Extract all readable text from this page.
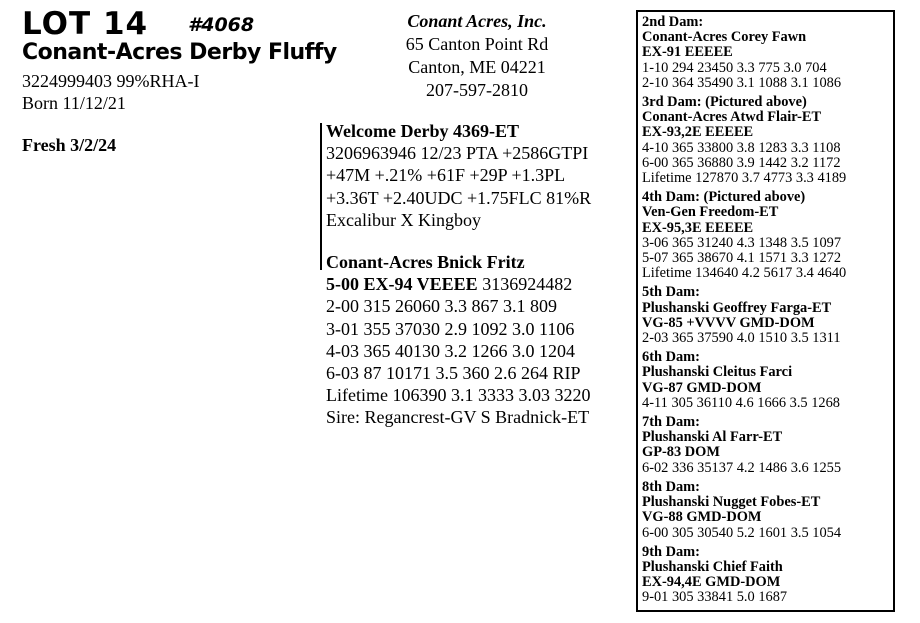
LOT 14 #4068
Conant-Acres Derby Fluffy
3224999403 99%RHA-I
Born 11/12/21
Fresh 3/2/24
Conant Acres, Inc.
65 Canton Point Rd
Canton, ME 04221
207-597-2810
Welcome Derby 4369-ET
3206963946 12/23 PTA +2586GTPI
+47M +.21% +61F +29P +1.3PL
+3.36T +2.40UDC +1.75FLC 81%R
Excalibur X Kingboy
Conant-Acres Bnick Fritz
5-00 EX-94 VEEEE 3136924482
2-00 315 26060 3.3 867 3.1 809
3-01 355 37030 2.9 1092 3.0 1106
4-03 365 40130 3.2 1266 3.0 1204
6-03 87 10171 3.5 360 2.6 264 RIP
Lifetime 106390 3.1 3333 3.03 3220
Sire: Regancrest-GV S Bradnick-ET
2nd Dam:
Conant-Acres Corey Fawn
EX-91 EEEEE
1-10 294 23450 3.3 775 3.0 704
2-10 364 35490 3.1 1088 3.1 1086
3rd Dam: (Pictured above)
Conant-Acres Atwd Flair-ET
EX-93,2E EEEEE
4-10 365 33800 3.8 1283 3.3 1108
6-00 365 36880 3.9 1442 3.2 1172
Lifetime 127870 3.7 4773 3.3 4189
4th Dam: (Pictured above)
Ven-Gen Freedom-ET
EX-95,3E EEEEE
3-06 365 31240 4.3 1348 3.5 1097
5-07 365 38670 4.1 1571 3.3 1272
Lifetime 134640 4.2 5617 3.4 4640
5th Dam:
Plushanski Geoffrey Farga-ET
VG-85 +VVVV GMD-DOM
2-03 365 37590 4.0 1510 3.5 1311
6th Dam:
Plushanski Cleitus Farci
VG-87 GMD-DOM
4-11 305 36110 4.6 1666 3.5 1268
7th Dam:
Plushanski Al Farr-ET
GP-83 DOM
6-02 336 35137 4.2 1486 3.6 1255
8th Dam:
Plushanski Nugget Fobes-ET
VG-88 GMD-DOM
6-00 305 30540 5.2 1601 3.5 1054
9th Dam:
Plushanski Chief Faith
EX-94,4E GMD-DOM
9-01 305 33841 5.0 1687
